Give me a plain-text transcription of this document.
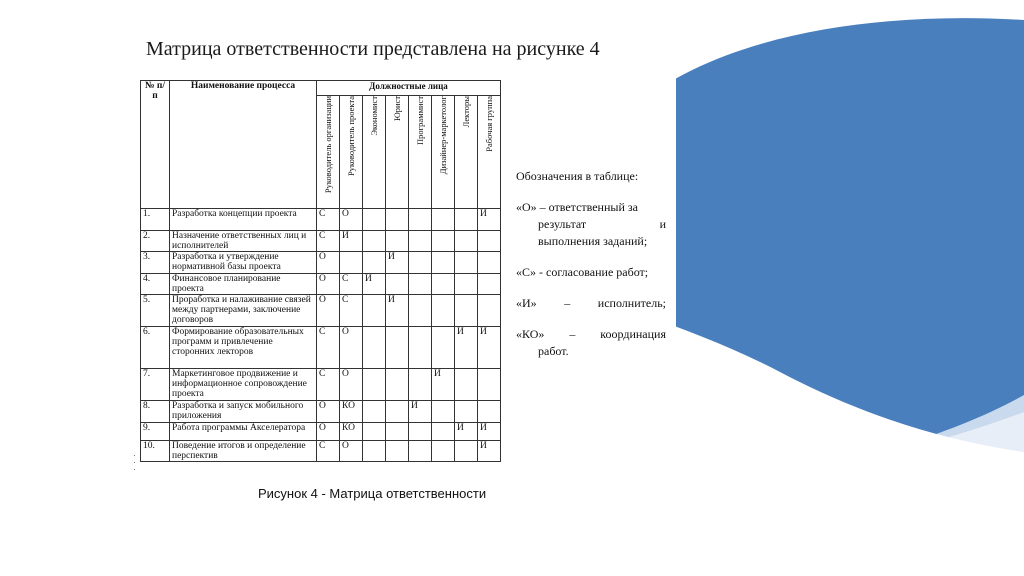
Матрица ответственности представлена на рисунке 4
№ п/п	Наименование процесса	Должностные лица							
		Руководитель организации	Руководитель проекта	Экономист	Юрист	Программист	Дизайнер-маркетолог	Лекторы	Рабочая группа
1.	Разработка концепции проекта	С	О						И
2.	Назначение ответственных лиц и исполнителей	С	И						
3.	Разработка и утверждение нормативной базы проекта	О			И				
4.	Финансовое планирование проекта	О	С	И					
5.	Проработка и налаживание связей между партнерами, заключение договоров	О	С		И				
6.	Формирование образовательных программ и привлечение сторонних лекторов	С	О					И	И
7.	Маркетинговое продвижение и информационное сопровождение проекта	С	О				И		
8.	Разработка и запуск мобильного приложения	О	КО			И			
9.	Работа программы Акселератора	О	КО					И	И
10.	Поведение итогов и определение перспектив	С	О						И

Обозначения в таблице:

«О» – ответственный за

результат и
выполнения заданий;

«С» - согласование работ;

«И» – исполнитель;

«КО» – координация
работ.

·
·
·
Рисунок 4 - Матрица ответственности
